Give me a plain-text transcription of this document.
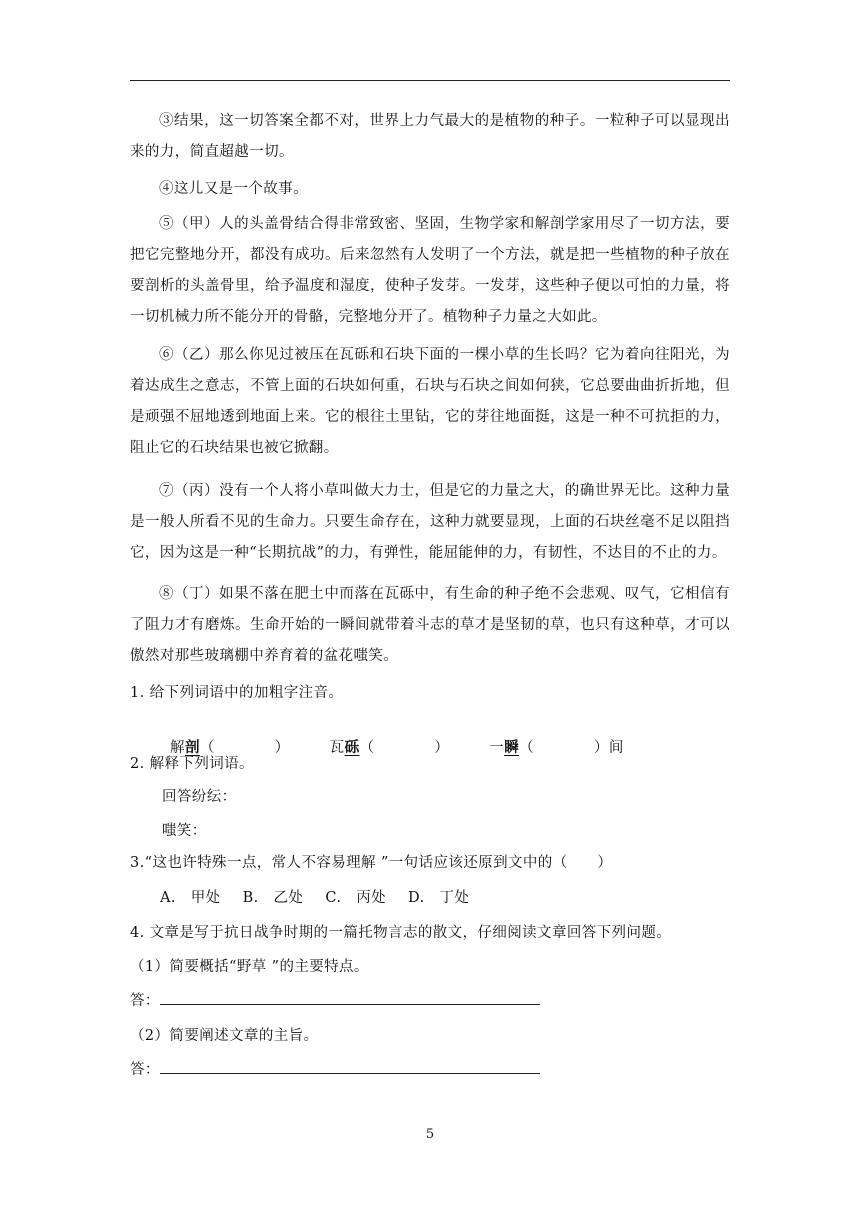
③结果，这一切答案全都不对，世界上力气最大的是植物的种子。一粒种子可以显现出来的力，简直超越一切。
④这儿又是一个故事。
⑤（甲）人的头盖骨结合得非常致密、坚固，生物学家和解剖学家用尽了一切方法，要把它完整地分开，都没有成功。后来忽然有人发明了一个方法，就是把一些植物的种子放在要剖析的头盖骨里，给予温度和湿度，使种子发芽。一发芽，这些种子便以可怕的力量，将一切机械力所不能分开的骨骼，完整地分开了。植物种子力量之大如此。
⑥（乙）那么你见过被压在瓦砾和石块下面的一棵小草的生长吗？它为着向往阳光，为着达成生之意志，不管上面的石块如何重，石块与石块之间如何狭，它总要曲曲折折地，但是顽强不屈地透到地面上来。它的根往土里钻，它的芽往地面挺，这是一种不可抗拒的力，阻止它的石块结果也被它掀翻。
⑦（丙）没有一个人将小草叫做大力士，但是它的力量之大，的确世界无比。这种力量是一般人所看不见的生命力。只要生命存在，这种力就要显现，上面的石块丝毫不足以阻挡它，因为这是一种“长期抗战”的力，有弹性，能屈能伸的力，有韧性，不达目的不止的力。
⑧（丁）如果不落在肥土中而落在瓦砾中，有生命的种子绝不会悲观、叹气，它相信有了阻力才有磨炼。生命开始的一瞬间就带着斗志的草才是坚韧的草，也只有这种草，才可以傲然对那些玻璃棚中养育着的盆花嗤笑。
1. 给下列词语中的加粗字注音。

解剖（	）	瓦砾（	）	一瞬（	）间

2. 解释下列词语。
回答纷纭：
嗤笑：
3.“这也许特殊一点，常人不容易理解 ”一句话应该还原到文中的（　　）
A.　甲处 B.　乙处 C.　丙处 D.　丁处
4. 文章是写于抗日战争时期的一篇托物言志的散文，仔细阅读文章回答下列问题。
（1）简要概括“野草 ”的主要特点。
答：
（2）简要阐述文章的主旨。
答：
5
